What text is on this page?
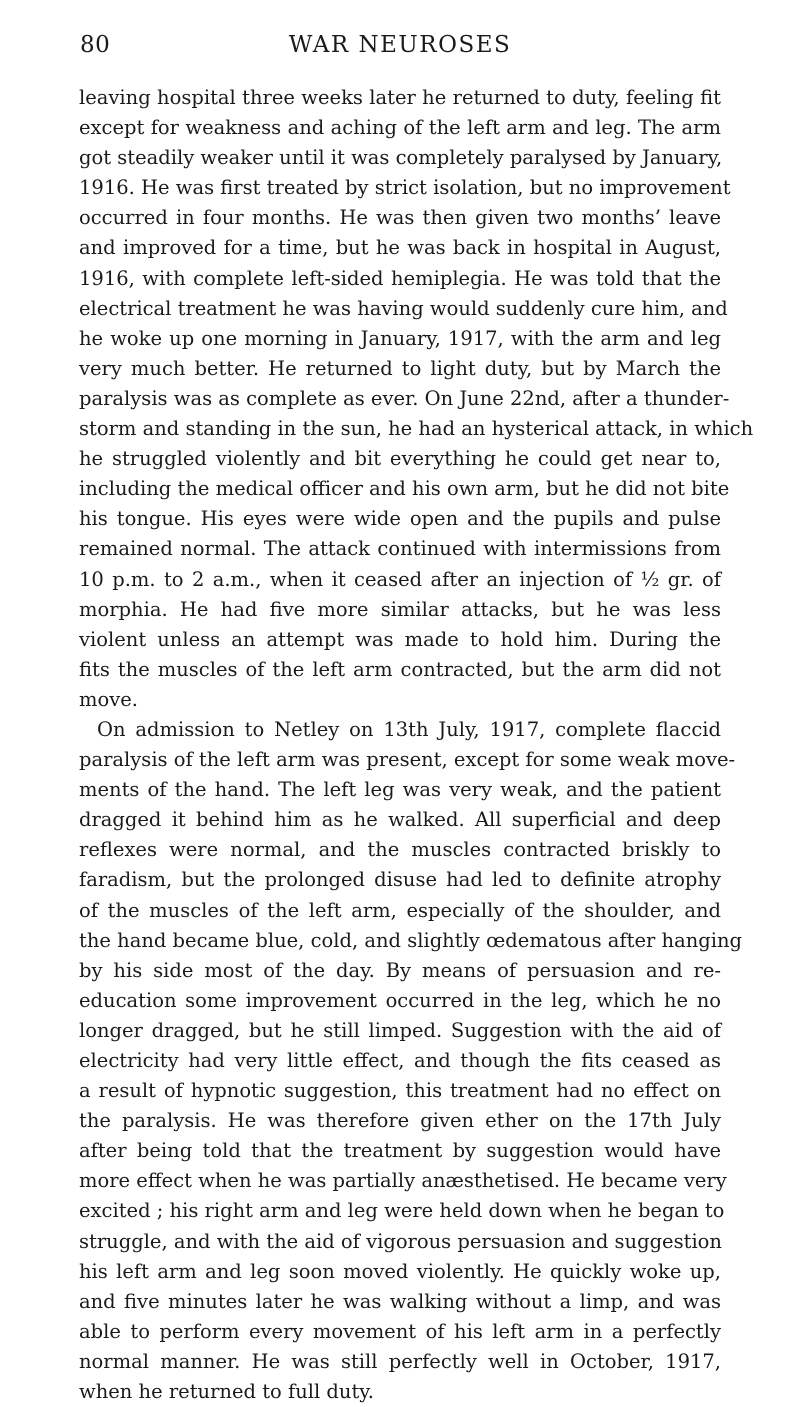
80	WAR NEUROSES

leaving hospital three weeks later he returned to duty, feeling fit

except for weakness and aching of the left arm and leg. The arm

got steadily weaker until it was completely paralysed by January,

1916. He was first treated by strict isolation, but no improvement

occurred in four months. He was then given two months’ leave

and improved for a time, but he was back in hospital in August,

1916, with complete left-sided hemiplegia. He was told that the

electrical treatment he was having would suddenly cure him, and

he woke up one morning in January, 1917, with the arm and leg

very much better. He returned to light duty, but by March the

paralysis was as complete as ever. On June 22nd, after a thunder-

storm and standing in the sun, he had an hysterical attack, in which

he struggled violently and bit everything he could get near to,

including the medical officer and his own arm, but he did not bite

his tongue. His eyes were wide open and the pupils and pulse

remained normal. The attack continued with intermissions from

10 p.m. to 2 a.m., when it ceased after an injection of ½ gr. of

morphia. He had five more similar attacks, but he was less

violent unless an attempt was made to hold him. During the

fits the muscles of the left arm contracted, but the arm did not

move.

On admission to Netley on 13th July, 1917, complete flaccid

paralysis of the left arm was present, except for some weak move-

ments of the hand. The left leg was very weak, and the patient

dragged it behind him as he walked. All superficial and deep

reflexes were normal, and the muscles contracted briskly to

faradism, but the prolonged disuse had led to definite atrophy

of the muscles of the left arm, especially of the shoulder, and

the hand became blue, cold, and slightly œdematous after hanging

by his side most of the day. By means of persuasion and re-

education some improvement occurred in the leg, which he no

longer dragged, but he still limped. Suggestion with the aid of

electricity had very little effect, and though the fits ceased as

a result of hypnotic suggestion, this treatment had no effect on

the paralysis. He was therefore given ether on the 17th July

after being told that the treatment by suggestion would have

more effect when he was partially anæsthetised. He became very

excited ; his right arm and leg were held down when he began to

struggle, and with the aid of vigorous persuasion and suggestion

his left arm and leg soon moved violently. He quickly woke up,

and five minutes later he was walking without a limp, and was

able to perform every movement of his left arm in a perfectly

normal manner. He was still perfectly well in October, 1917,

when he returned to full duty.
